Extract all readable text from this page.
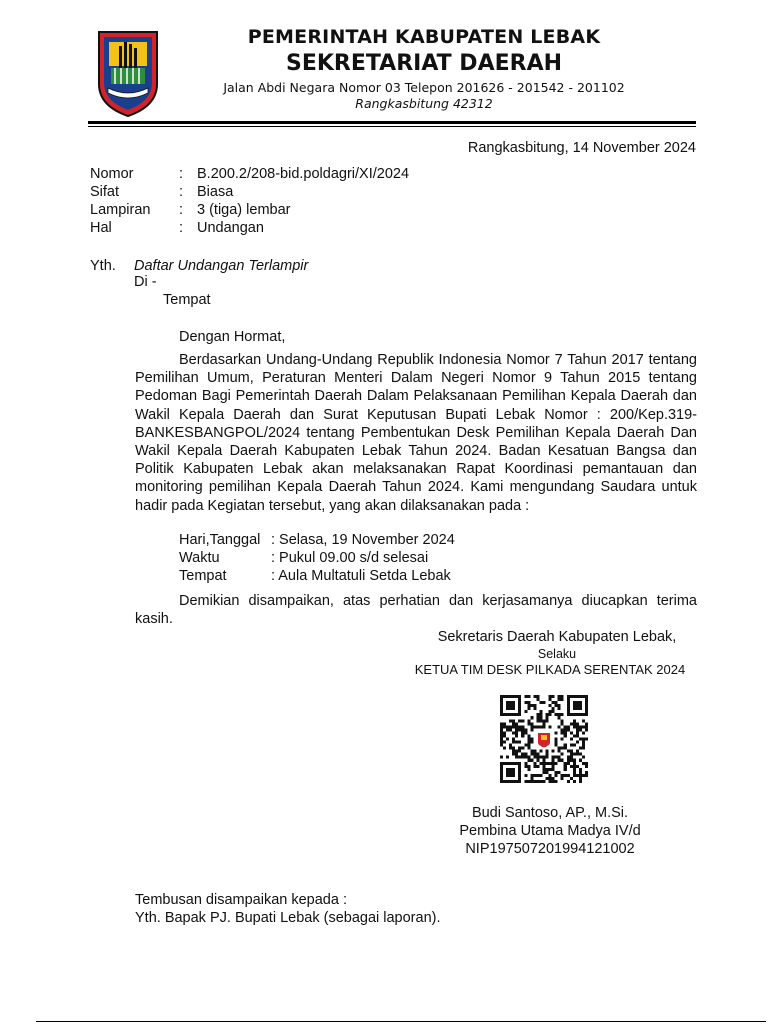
PEMERINTAH KABUPATEN LEBAK
SEKRETARIAT DAERAH
Jalan Abdi Negara Nomor 03 Telepon 201626 - 201542 - 201102
Rangkasbitung 42312
Rangkasbitung, 14 November 2024
Nomor	: B.200.2/208-bid.poldagri/XI/2024
Sifat	: Biasa
Lampiran : 3 (tiga) lembar
Hal	: Undangan
Yth. Daftar Undangan Terlampir
Di -
Tempat
Dengan Hormat,

Berdasarkan Undang-Undang Republik Indonesia Nomor 7 Tahun 2017 tentang Pemilihan Umum, Peraturan Menteri Dalam Negeri Nomor 9 Tahun 2015 tentang Pedoman Bagi Pemerintah Daerah Dalam Pelaksanaan Pemilihan Kepala Daerah dan Wakil Kepala Daerah dan Surat Keputusan Bupati Lebak Nomor : 200/Kep.319-BANKESBANGPOL/2024 tentang Pembentukan Desk Pemilihan Kepala Daerah Dan Wakil Kepala Daerah Kabupaten Lebak Tahun 2024. Badan Kesatuan Bangsa dan Politik Kabupaten Lebak akan melaksanakan Rapat Koordinasi pemantauan dan monitoring pemilihan Kepala Daerah Tahun 2024. Kami mengundang Saudara untuk hadir pada Kegiatan tersebut, yang akan dilaksanakan pada :

Hari,Tanggal : Selasa, 19 November 2024
Waktu	: Pukul 09.00 s/d selesai
Tempat	: Aula Multatuli Setda Lebak

Demikian disampaikan, atas perhatian dan kerjasamanya diucapkan terima kasih.

Sekretaris Daerah Kabupaten Lebak,
Selaku
KETUA TIM DESK PILKADA SERENTAK 2024
Budi Santoso, AP., M.Si.
Pembina Utama Madya IV/d
NIP197507201994121002
Tembusan disampaikan kepada :
Yth. Bapak PJ. Bupati Lebak (sebagai laporan).
